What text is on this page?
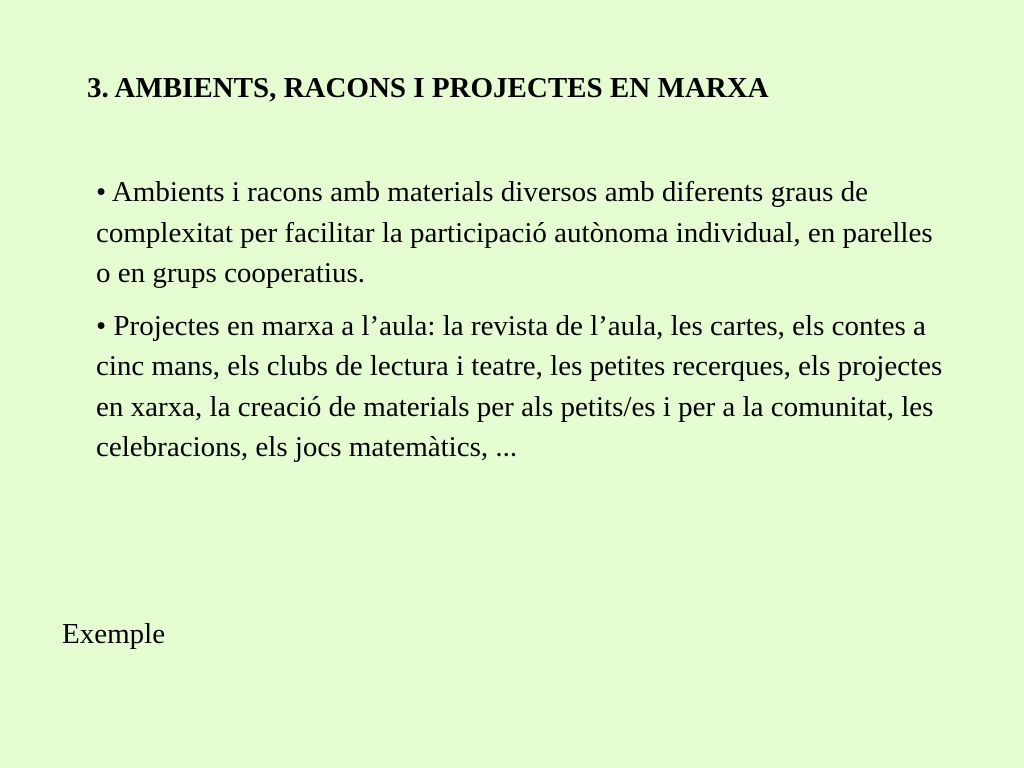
3. AMBIENTS, RACONS I PROJECTES EN MARXA
• Ambients i racons amb materials diversos amb diferents graus de complexitat per facilitar la participació autònoma individual, en parelles o en grups cooperatius.
• Projectes en marxa a l’aula: la revista de l’aula, les cartes, els contes a cinc mans, els clubs de lectura i teatre, les petites recerques, els projectes en xarxa, la creació de materials per als petits/es i per a la comunitat, les celebracions, els jocs matemàtics, ...
Exemple
